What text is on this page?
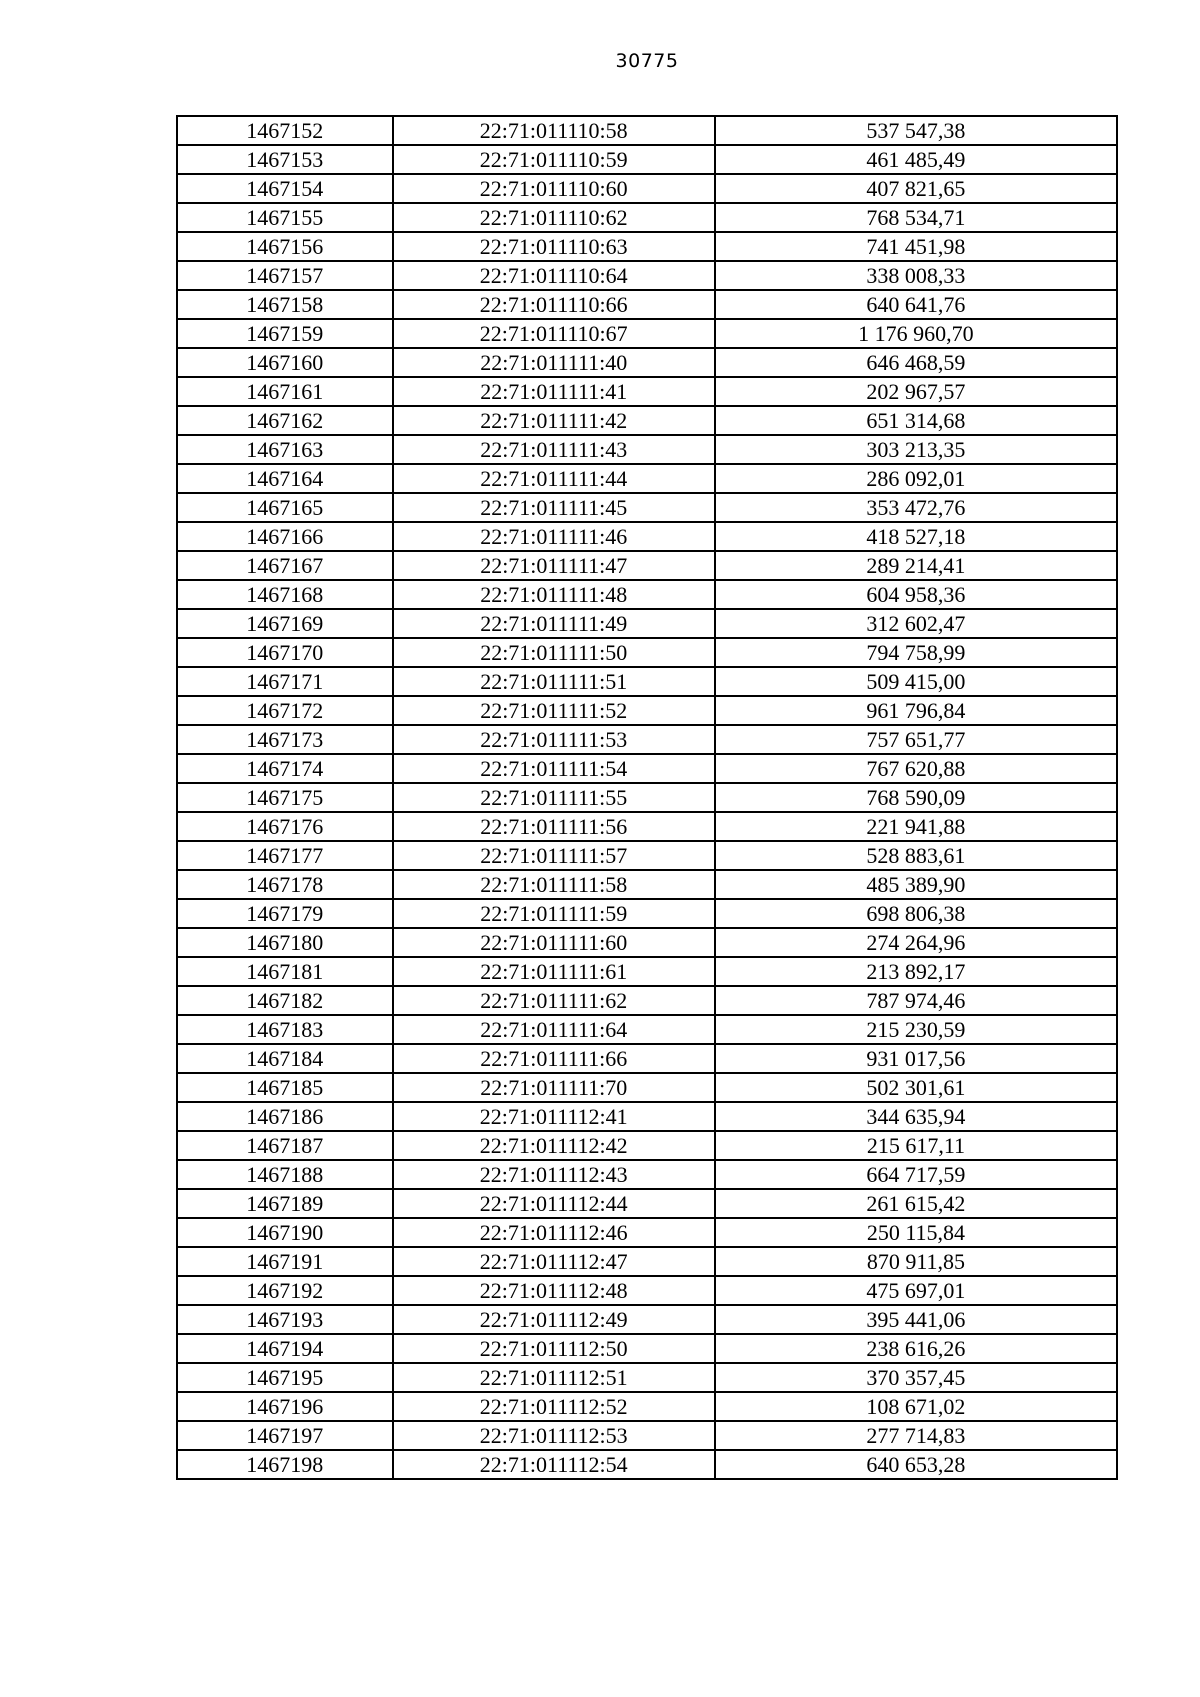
30775
1467152	22:71:011110:58	537 547,38
1467153	22:71:011110:59	461 485,49
1467154	22:71:011110:60	407 821,65
1467155	22:71:011110:62	768 534,71
1467156	22:71:011110:63	741 451,98
1467157	22:71:011110:64	338 008,33
1467158	22:71:011110:66	640 641,76
1467159	22:71:011110:67	1 176 960,70
1467160	22:71:011111:40	646 468,59
1467161	22:71:011111:41	202 967,57
1467162	22:71:011111:42	651 314,68
1467163	22:71:011111:43	303 213,35
1467164	22:71:011111:44	286 092,01
1467165	22:71:011111:45	353 472,76
1467166	22:71:011111:46	418 527,18
1467167	22:71:011111:47	289 214,41
1467168	22:71:011111:48	604 958,36
1467169	22:71:011111:49	312 602,47
1467170	22:71:011111:50	794 758,99
1467171	22:71:011111:51	509 415,00
1467172	22:71:011111:52	961 796,84
1467173	22:71:011111:53	757 651,77
1467174	22:71:011111:54	767 620,88
1467175	22:71:011111:55	768 590,09
1467176	22:71:011111:56	221 941,88
1467177	22:71:011111:57	528 883,61
1467178	22:71:011111:58	485 389,90
1467179	22:71:011111:59	698 806,38
1467180	22:71:011111:60	274 264,96
1467181	22:71:011111:61	213 892,17
1467182	22:71:011111:62	787 974,46
1467183	22:71:011111:64	215 230,59
1467184	22:71:011111:66	931 017,56
1467185	22:71:011111:70	502 301,61
1467186	22:71:011112:41	344 635,94
1467187	22:71:011112:42	215 617,11
1467188	22:71:011112:43	664 717,59
1467189	22:71:011112:44	261 615,42
1467190	22:71:011112:46	250 115,84
1467191	22:71:011112:47	870 911,85
1467192	22:71:011112:48	475 697,01
1467193	22:71:011112:49	395 441,06
1467194	22:71:011112:50	238 616,26
1467195	22:71:011112:51	370 357,45
1467196	22:71:011112:52	108 671,02
1467197	22:71:011112:53	277 714,83
1467198	22:71:011112:54	640 653,28
